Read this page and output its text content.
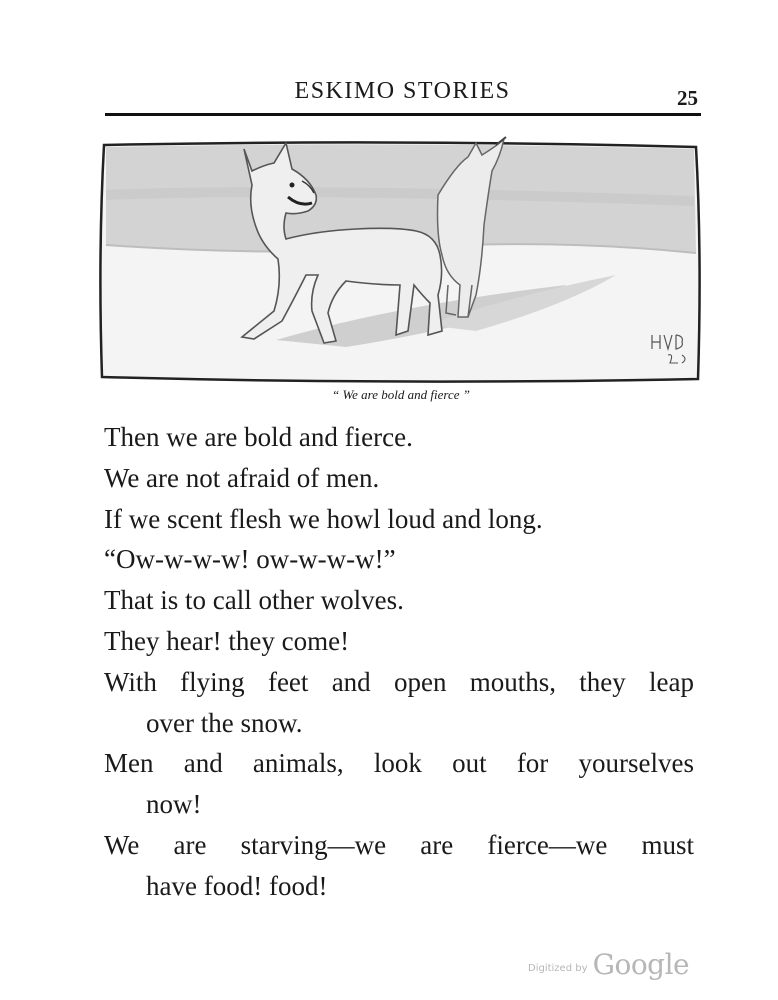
ESKIMO STORIES	25
“ We are bold and fierce ”
Then we are bold and fierce.
We are not afraid of men.
If we scent flesh we howl loud and long.
“Ow-w-w-w! ow-w-w-w!”
That is to call other wolves.
They hear! they come!
With flying feet and open mouths, they leap
over the snow.
Men and animals, look out for yourselves
now!
We are starving—we are fierce—we must
have food! food!
Digitized by Google
